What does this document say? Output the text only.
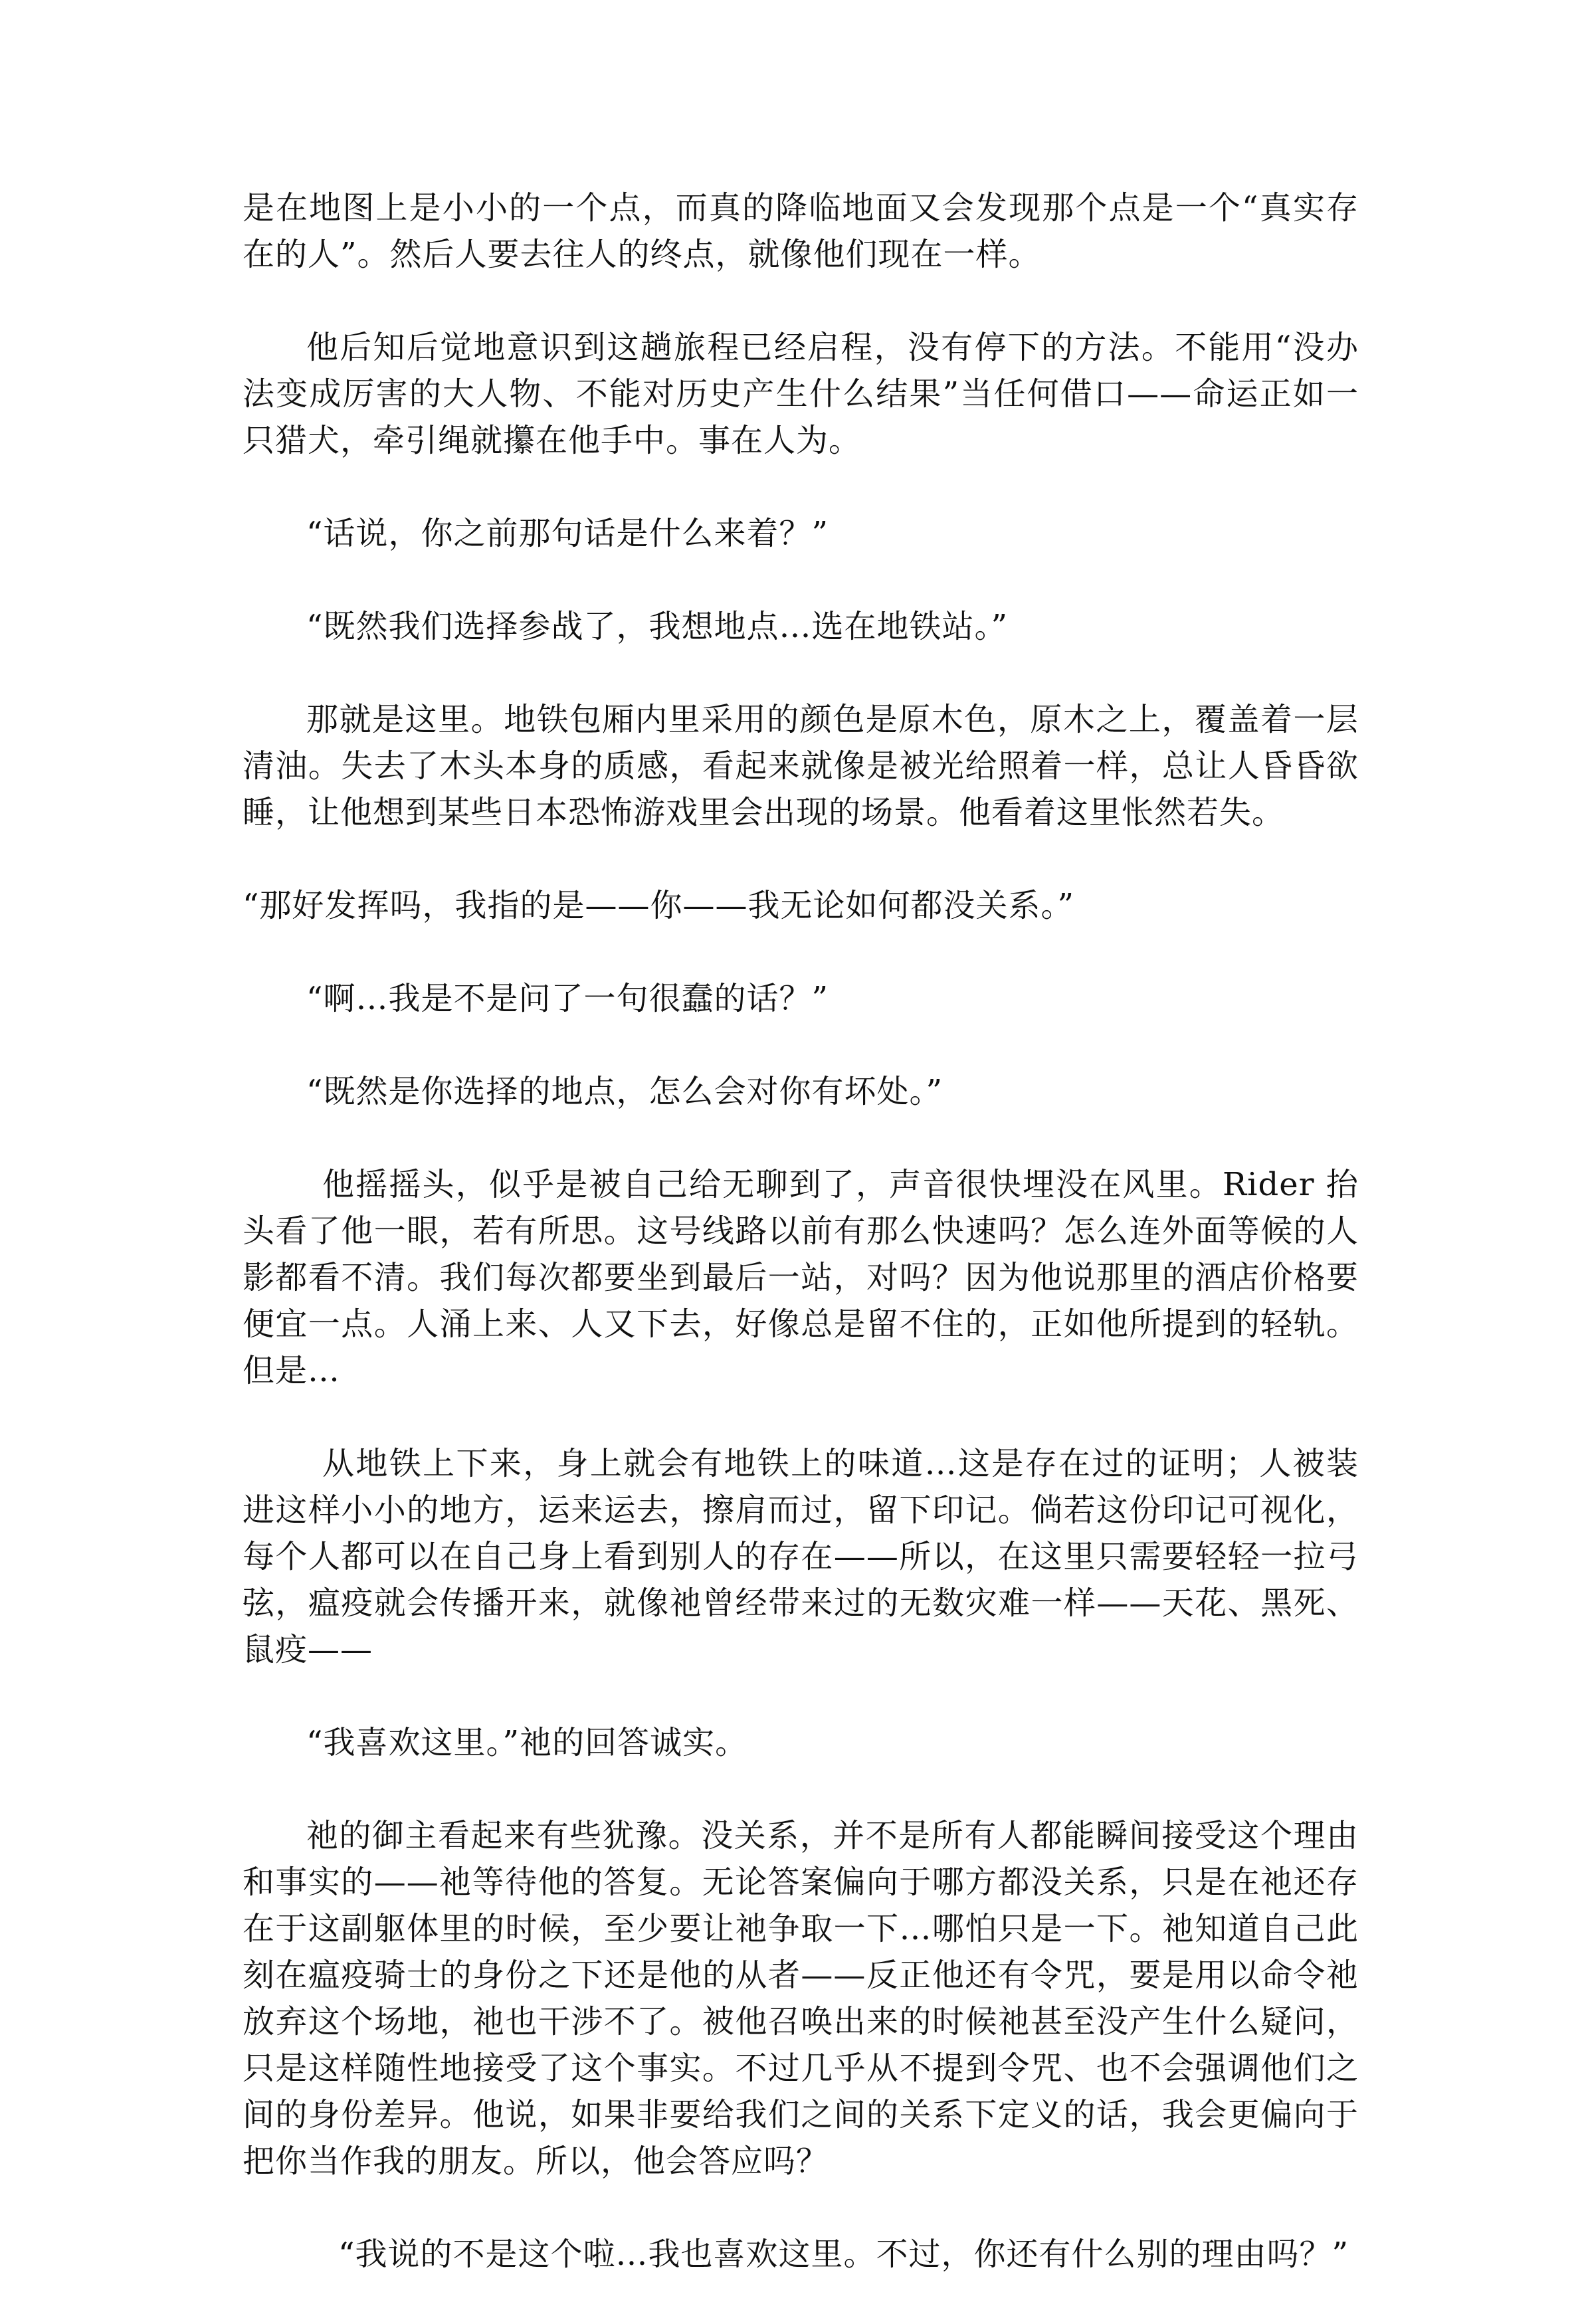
是在地图上是小小的一个点，而真的降临地面又会发现那个点是一个“真实存在的人”。然后人要去往人的终点，就像他们现在一样。

他后知后觉地意识到这趟旅程已经启程，没有停下的方法。不能用“没办法变成厉害的大人物、不能对历史产生什么结果”当任何借口——命运正如一只猎犬，牵引绳就攥在他手中。事在人为。

“话说，你之前那句话是什么来着？”

“既然我们选择参战了，我想地点…选在地铁站。”

那就是这里。地铁包厢内里采用的颜色是原木色，原木之上，覆盖着一层清油。失去了木头本身的质感，看起来就像是被光给照着一样，总让人昏昏欲睡，让他想到某些日本恐怖游戏里会出现的场景。他看着这里怅然若失。

“那好发挥吗，我指的是——你——我无论如何都没关系。”

“啊…我是不是问了一句很蠢的话？”

“既然是你选择的地点，怎么会对你有坏处。”

他摇摇头，似乎是被自己给无聊到了，声音很快埋没在风里。Rider 抬头看了他一眼，若有所思。这号线路以前有那么快速吗？怎么连外面等候的人影都看不清。我们每次都要坐到最后一站，对吗？因为他说那里的酒店价格要便宜一点。人涌上来、人又下去，好像总是留不住的，正如他所提到的轻轨。但是…

从地铁上下来，身上就会有地铁上的味道…这是存在过的证明；人被装进这样小小的地方，运来运去，擦肩而过，留下印记。倘若这份印记可视化，每个人都可以在自己身上看到别人的存在——所以，在这里只需要轻轻一拉弓弦，瘟疫就会传播开来，就像祂曾经带来过的无数灾难一样——天花、黑死、鼠疫——

“我喜欢这里。”祂的回答诚实。

祂的御主看起来有些犹豫。没关系，并不是所有人都能瞬间接受这个理由和事实的——祂等待他的答复。无论答案偏向于哪方都没关系，只是在祂还存在于这副躯体里的时候，至少要让祂争取一下…哪怕只是一下。祂知道自己此刻在瘟疫骑士的身份之下还是他的从者——反正他还有令咒，要是用以命令祂放弃这个场地，祂也干涉不了。被他召唤出来的时候祂甚至没产生什么疑问，只是这样随性地接受了这个事实。不过几乎从不提到令咒、也不会强调他们之间的身份差异。他说，如果非要给我们之间的关系下定义的话，我会更偏向于把你当作我的朋友。所以，他会答应吗？

“我说的不是这个啦…我也喜欢这里。不过，你还有什么别的理由吗？”
